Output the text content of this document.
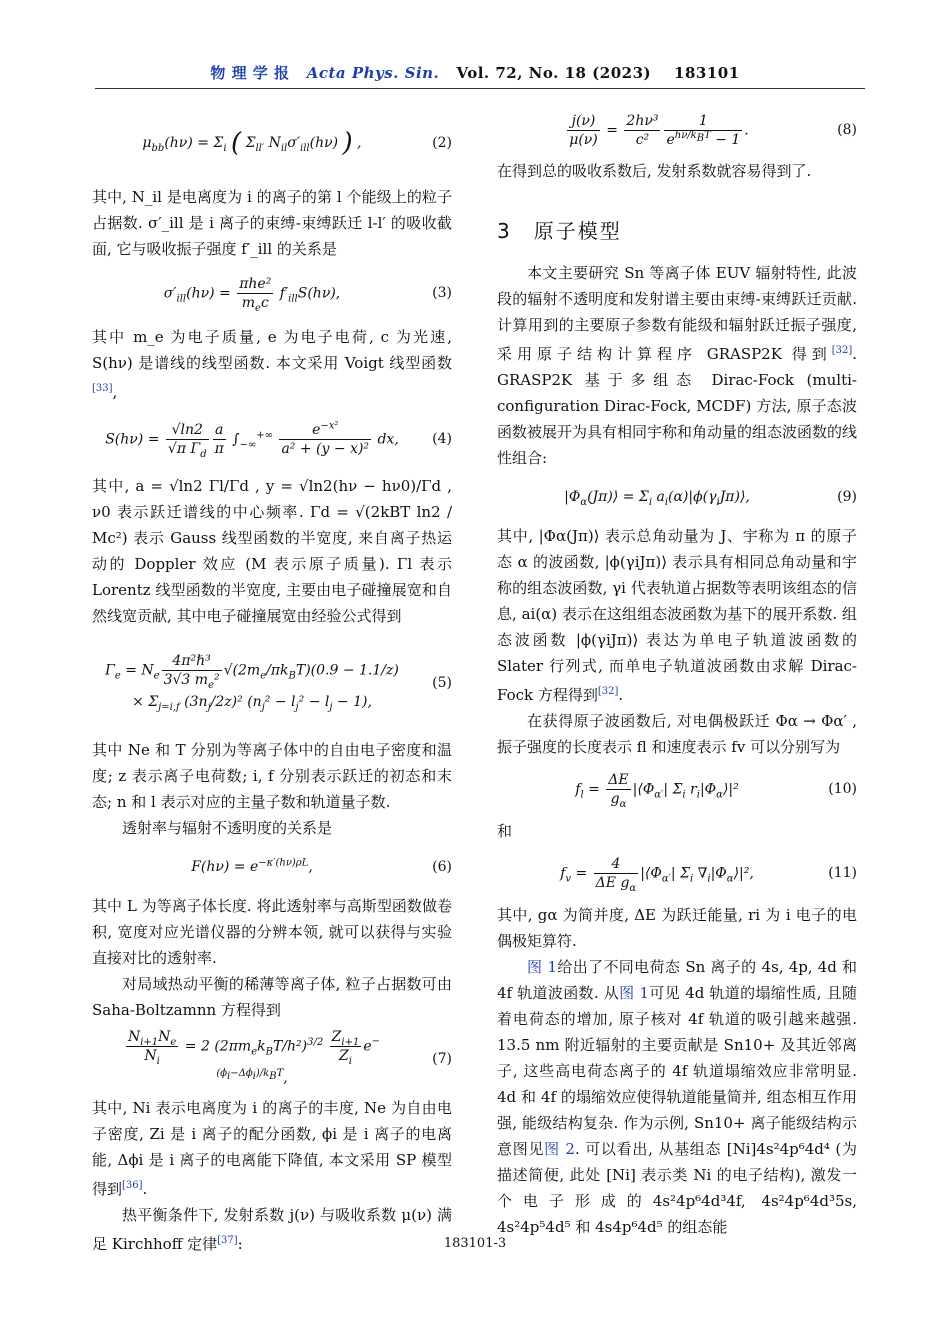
物 理 学 报 Acta Phys. Sin. Vol. 72, No. 18 (2023) 183101
$\mu_{bb}(h\nu) = \Sigma_i$ ( $\Sigma_{ll'}$ $N_{il}\sigma'_{ill}(h\nu)$ ) ,	(2)

其中, N_il 是电离度为 i 的离子的第 l 个能级上的粒子占据数. σ′_ill 是 i 离子的束缚-束缚跃迁 l-l′ 的吸收截面, 它与吸收振子强度 f′_ill 的关系是

$\sigma'_{ill}(h\nu) = \frac{\text{πhe²}}{m_ec} f'_{ill}S(h\nu)$,	(3)

其中 m_e 为电子质量, e 为电子电荷, c 为光速, S(hν) 是谱线的线型函数. 本文采用 Voigt 线型函数[33],

$S(h\nu) = \frac{√\ln 2}{√\pi \Gamma_d} \frac{a}{\pi} \int_{-\infty}^{+\infty} \frac{e^{-x^2}}{\text{a² + (y − x)²}}$ dx,	(4)

其中, a = √ln2 Γl/Γd , y = √ln2(hν − hν0)/Γd , ν0 表示跃迁谱线的中心频率. Γd = √(2kBT ln2 / Mc²) 表示 Gauss 线型函数的半宽度, 来自离子热运动的 Doppler 效应 (M 表示原子质量). Γl 表示 Lorentz 线型函数的半宽度, 主要由电子碰撞展宽和自然线宽贡献, 其中电子碰撞展宽由经验公式得到

$\Gamma_e = N_e \frac{\text{4π²ℏ³}}{3√3 m_e^2} √(2m_e/\pi k_BT)(0.9 - 1.1/z)$
× $\Sigma_{j=i,f}$ $(3n_j/2z)^2$ $(n_j^2 - l_j^2 - l_j - 1)$,
(5)

其中 Ne 和 T 分别为等离子体中的自由电子密度和温度; z 表示离子电荷数; i, f 分别表示跃迁的初态和末态; n 和 l 表示对应的主量子数和轨道量子数.

透射率与辐射不透明度的关系是

$F(h\nu) = e^{-\kappa'(h\nu)\rho L}$,	(6)

其中 L 为等离子体长度. 将此透射率与高斯型函数做卷积, 宽度对应光谱仪器的分辨本领, 就可以获得与实验直接对比的透射率.

对局域热动平衡的稀薄等离子体, 粒子占据数可由 Saha-Boltzamnn 方程得到

$\frac{N_{i+1}N_e}{N_i} = 2$ $(2\pi m_ek_BT/h^2)^{3/2} \frac{Z_{i+1}}{Z_i} e^{-(\phi_i-\Delta\phi_i)/k_BT}$,
(7)

其中, Ni 表示电离度为 i 的离子的丰度, Ne 为自由电子密度, Zi 是 i 离子的配分函数, ϕi 是 i 离子的电离能, Δϕi 是 i 离子的电离能下降值, 本文采用 SP 模型得到[36].

热平衡条件下, 发射系数 j(ν) 与吸收系数 μ(ν) 满足 Kirchhoff 定律[37]:

$\frac{j(\nu)}{\mu(\nu)} = \frac{\text{2hν³}}{\text{c²}} \frac{1}{e^{h\nu/k_BT} - 1}$ .	(8)

在得到总的吸收系数后, 发射系数就容易得到了.

3　原子模型

本文主要研究 Sn 等离子体 EUV 辐射特性, 此波段的辐射不透明度和发射谱主要由束缚-束缚跃迁贡献. 计算用到的主要原子参数有能级和辐射跃迁振子强度, 采用原子结构计算程序 GRASP2K 得到[32]. GRASP2K 基于多组态 Dirac-Fock (multi-configuration Dirac-Fock, MCDF) 方法, 原子态波函数被展开为具有相同宇称和角动量的组态波函数的线性组合:

$|\Phi_\alpha(J\pi)⟩ = \Sigma_i$ $a_i(\alpha)|\phi(\gamma_iJ\pi)⟩$,	(9)

其中, |Φα(Jπ)⟩ 表示总角动量为 J、宇称为 π 的原子态 α 的波函数, |ϕ(γiJπ)⟩ 表示具有相同总角动量和宇称的组态波函数, γi 代表轨道占据数等表明该组态的信息, ai(α) 表示在这组组态波函数为基下的展开系数. 组态波函数 |ϕ(γiJπ)⟩ 表达为单电子轨道波函数的 Slater 行列式, 而单电子轨道波函数由求解 Dirac-Fock 方程得到[32].

在获得原子波函数后, 对电偶极跃迁 Φα → Φα′ , 振子强度的长度表示 fl 和速度表示 fv 可以分别写为

$f_l = \frac{\Delta E}{g_\alpha}$ $|⟨\Phi_{\alpha'}|$ $\Sigma_i$ $r_i|\Phi_\alpha⟩|^2$	(10)

和

$f_v = \frac{4}{\Delta E g_\alpha}$ $|⟨\Phi_{\alpha'}|$ $\Sigma_i$ $\nabla_i|\Phi_\alpha⟩|^2$,	(11)

其中, gα 为简并度, ΔE 为跃迁能量, ri 为 i 电子的电偶极矩算符.

图 1给出了不同电荷态 Sn 离子的 4s, 4p, 4d 和 4f 轨道波函数. 从图 1可见 4d 轨道的塌缩性质, 且随着电荷态的增加, 原子核对 4f 轨道的吸引越来越强. 13.5 nm 附近辐射的主要贡献是 Sn10+ 及其近邻离子, 这些高电荷态离子的 4f 轨道塌缩效应非常明显. 4d 和 4f 的塌缩效应使得轨道能量简并, 组态相互作用强, 能级结构复杂. 作为示例, Sn10+ 离子能级结构示意图见图 2. 可以看出, 从基组态 [Ni]4s²4p⁶4d⁴ (为描述简便, 此处 [Ni] 表示类 Ni 的电子结构), 激发一个电子形成的4s²4p⁶4d³4f, 4s²4p⁶4d³5s, 4s²4p⁵4d⁵ 和 4s4p⁶4d⁵ 的组态能

183101-3
